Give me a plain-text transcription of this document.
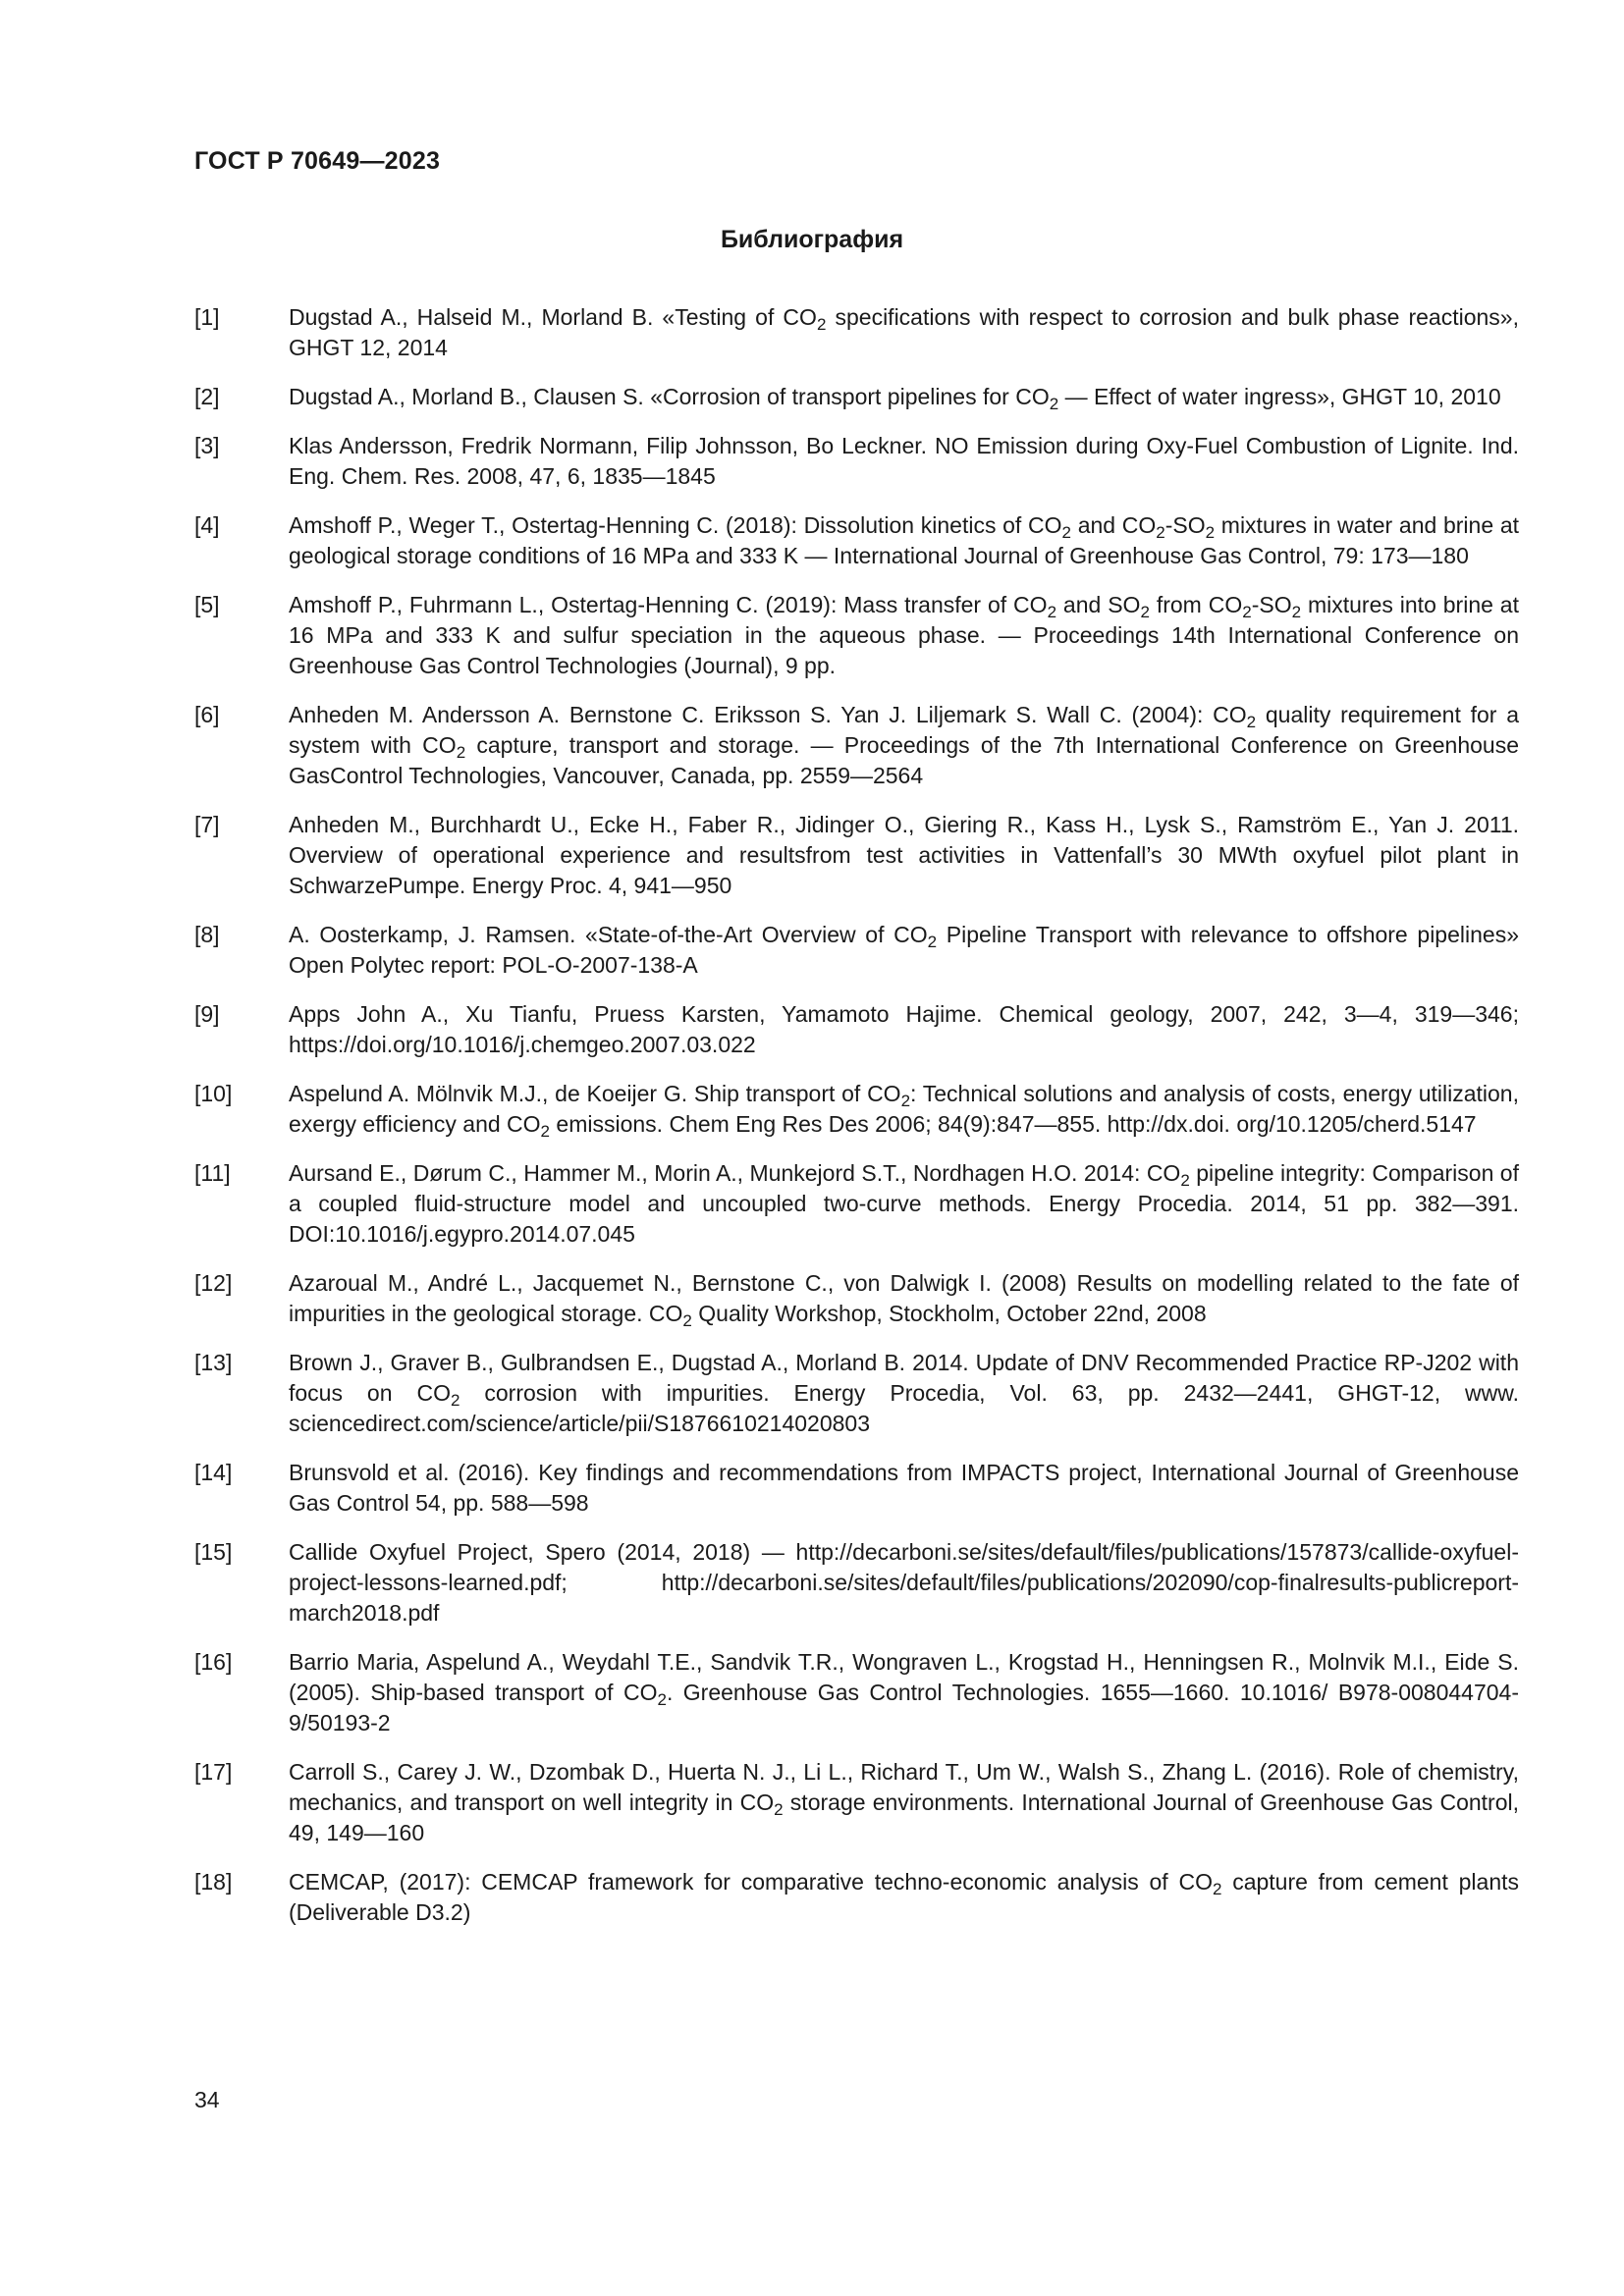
ГОСТ Р 70649—2023
Библиография
[1]	Dugstad A., Halseid M., Morland B. «Testing of $CO_2$ specifications with respect to corrosion and bulk phase reactions», GHGT 12, 2014
[2]	Dugstad A., Morland B., Clausen S. «Corrosion of transport pipelines for $CO_2$ — Effect of water ingress», GHGT 10, 2010
[3]	Klas Andersson, Fredrik Normann, Filip Johnsson, Bo Leckner. NO Emission during Oxy-Fuel Combustion of Lignite. Ind. Eng. Chem. Res. 2008, 47, 6, 1835—1845
[4]	Amshoff P., Weger T., Ostertag-Henning C. (2018): Dissolution kinetics of $CO_2$ and $CO_2-SO_2$ mixtures in water and brine at geological storage conditions of 16 MPa and 333 K — International Journal of Greenhouse Gas Control, 79: 173—180
[5]	Amshoff P., Fuhrmann L., Ostertag-Henning C. (2019): Mass transfer of $CO_2$ and $SO_2$ from $CO_2-SO_2$ mixtures into brine at 16 MPa and 333 K and sulfur speciation in the aqueous phase. — Proceedings 14th International Conference on Greenhouse Gas Control Technologies (Journal), 9 pp.
[6]	Anheden M. Andersson A. Bernstone C. Eriksson S. Yan J. Liljemark S. Wall C. (2004): $CO_2$ quality requirement for a system with $CO_2$ capture, transport and storage. — Proceedings of the 7th International Conference on Greenhouse GasControl Technologies, Vancouver, Canada, pp. 2559—2564
[7]	Anheden M., Burchhardt U., Ecke H., Faber R., Jidinger O., Giering R., Kass H., Lysk S., Ramström E., Yan J. 2011. Overview of operational experience and resultsfrom test activities in Vattenfall’s 30 MWth oxyfuel pilot plant in SchwarzePumpe. Energy Proc. 4, 941—950
[8]	A. Oosterkamp, J. Ramsen. «State-of-the-Art Overview of $CO_2$ Pipeline Transport with relevance to offshore pipelines» Open Polytec report: POL-O-2007-138-A
[9]	Apps John A., Xu Tianfu, Pruess Karsten, Yamamoto Hajime. Chemical geology, 2007, 242, 3—4, 319—346; https://doi.org/10.1016/j.chemgeo.2007.03.022
[10]	Aspelund A. Mölnvik M.J., de Koeijer G. Ship transport of $CO_2$: Technical solutions and analysis of costs, energy utilization, exergy efficiency and $CO_2$ emissions. Chem Eng Res Des 2006; 84(9):847—855. http://dx.doi. org/10.1205/cherd.5147
[11]	Aursand E., Dørum C., Hammer M., Morin A., Munkejord S.T., Nordhagen H.O. 2014: $CO_2$ pipeline integrity: Comparison of a coupled fluid-structure model and uncoupled two-curve methods. Energy Procedia. 2014, 51 pp. 382—391. DOI:10.1016/j.egypro.2014.07.045
[12]	Azaroual M., André L., Jacquemet N., Bernstone C., von Dalwigk I. (2008) Results on modelling related to the fate of impurities in the geological storage. $CO_2$ Quality Workshop, Stockholm, October 22nd, 2008
[13]	Brown J., Graver B., Gulbrandsen E., Dugstad A., Morland B. 2014. Update of DNV Recommended Practice RP-J202 with focus on $CO_2$ corrosion with impurities. Energy Procedia, Vol. 63, pp. 2432—2441, GHGT-12, www. sciencedirect.com/science/article/pii/S1876610214020803
[14]	Brunsvold et al. (2016). Key findings and recommendations from IMPACTS project, International Journal of Greenhouse Gas Control 54, pp. 588—598
[15]	Callide Oxyfuel Project, Spero (2014, 2018) — http://decarboni.se/sites/default/files/publications/157873/callide-oxyfuel-project-lessons-learned.pdf; http://decarboni.se/sites/default/files/publications/202090/cop-finalresults-publicreport-march2018.pdf
[16]	Barrio Maria, Aspelund A., Weydahl T.E., Sandvik T.R., Wongraven L., Krogstad H., Henningsen R., Molnvik M.I., Eide S. (2005). Ship-based transport of $CO_2$. Greenhouse Gas Control Technologies. 1655—1660. 10.1016/ B978-008044704-9/50193-2
[17]	Carroll S., Carey J. W., Dzombak D., Huerta N. J., Li L., Richard T., Um W., Walsh S., Zhang L. (2016). Role of chemistry, mechanics, and transport on well integrity in $CO_2$ storage environments. International Journal of Greenhouse Gas Control, 49, 149—160
[18]	CEMCAP, (2017): CEMCAP framework for comparative techno-economic analysis of $CO_2$ capture from cement plants (Deliverable D3.2)
34
